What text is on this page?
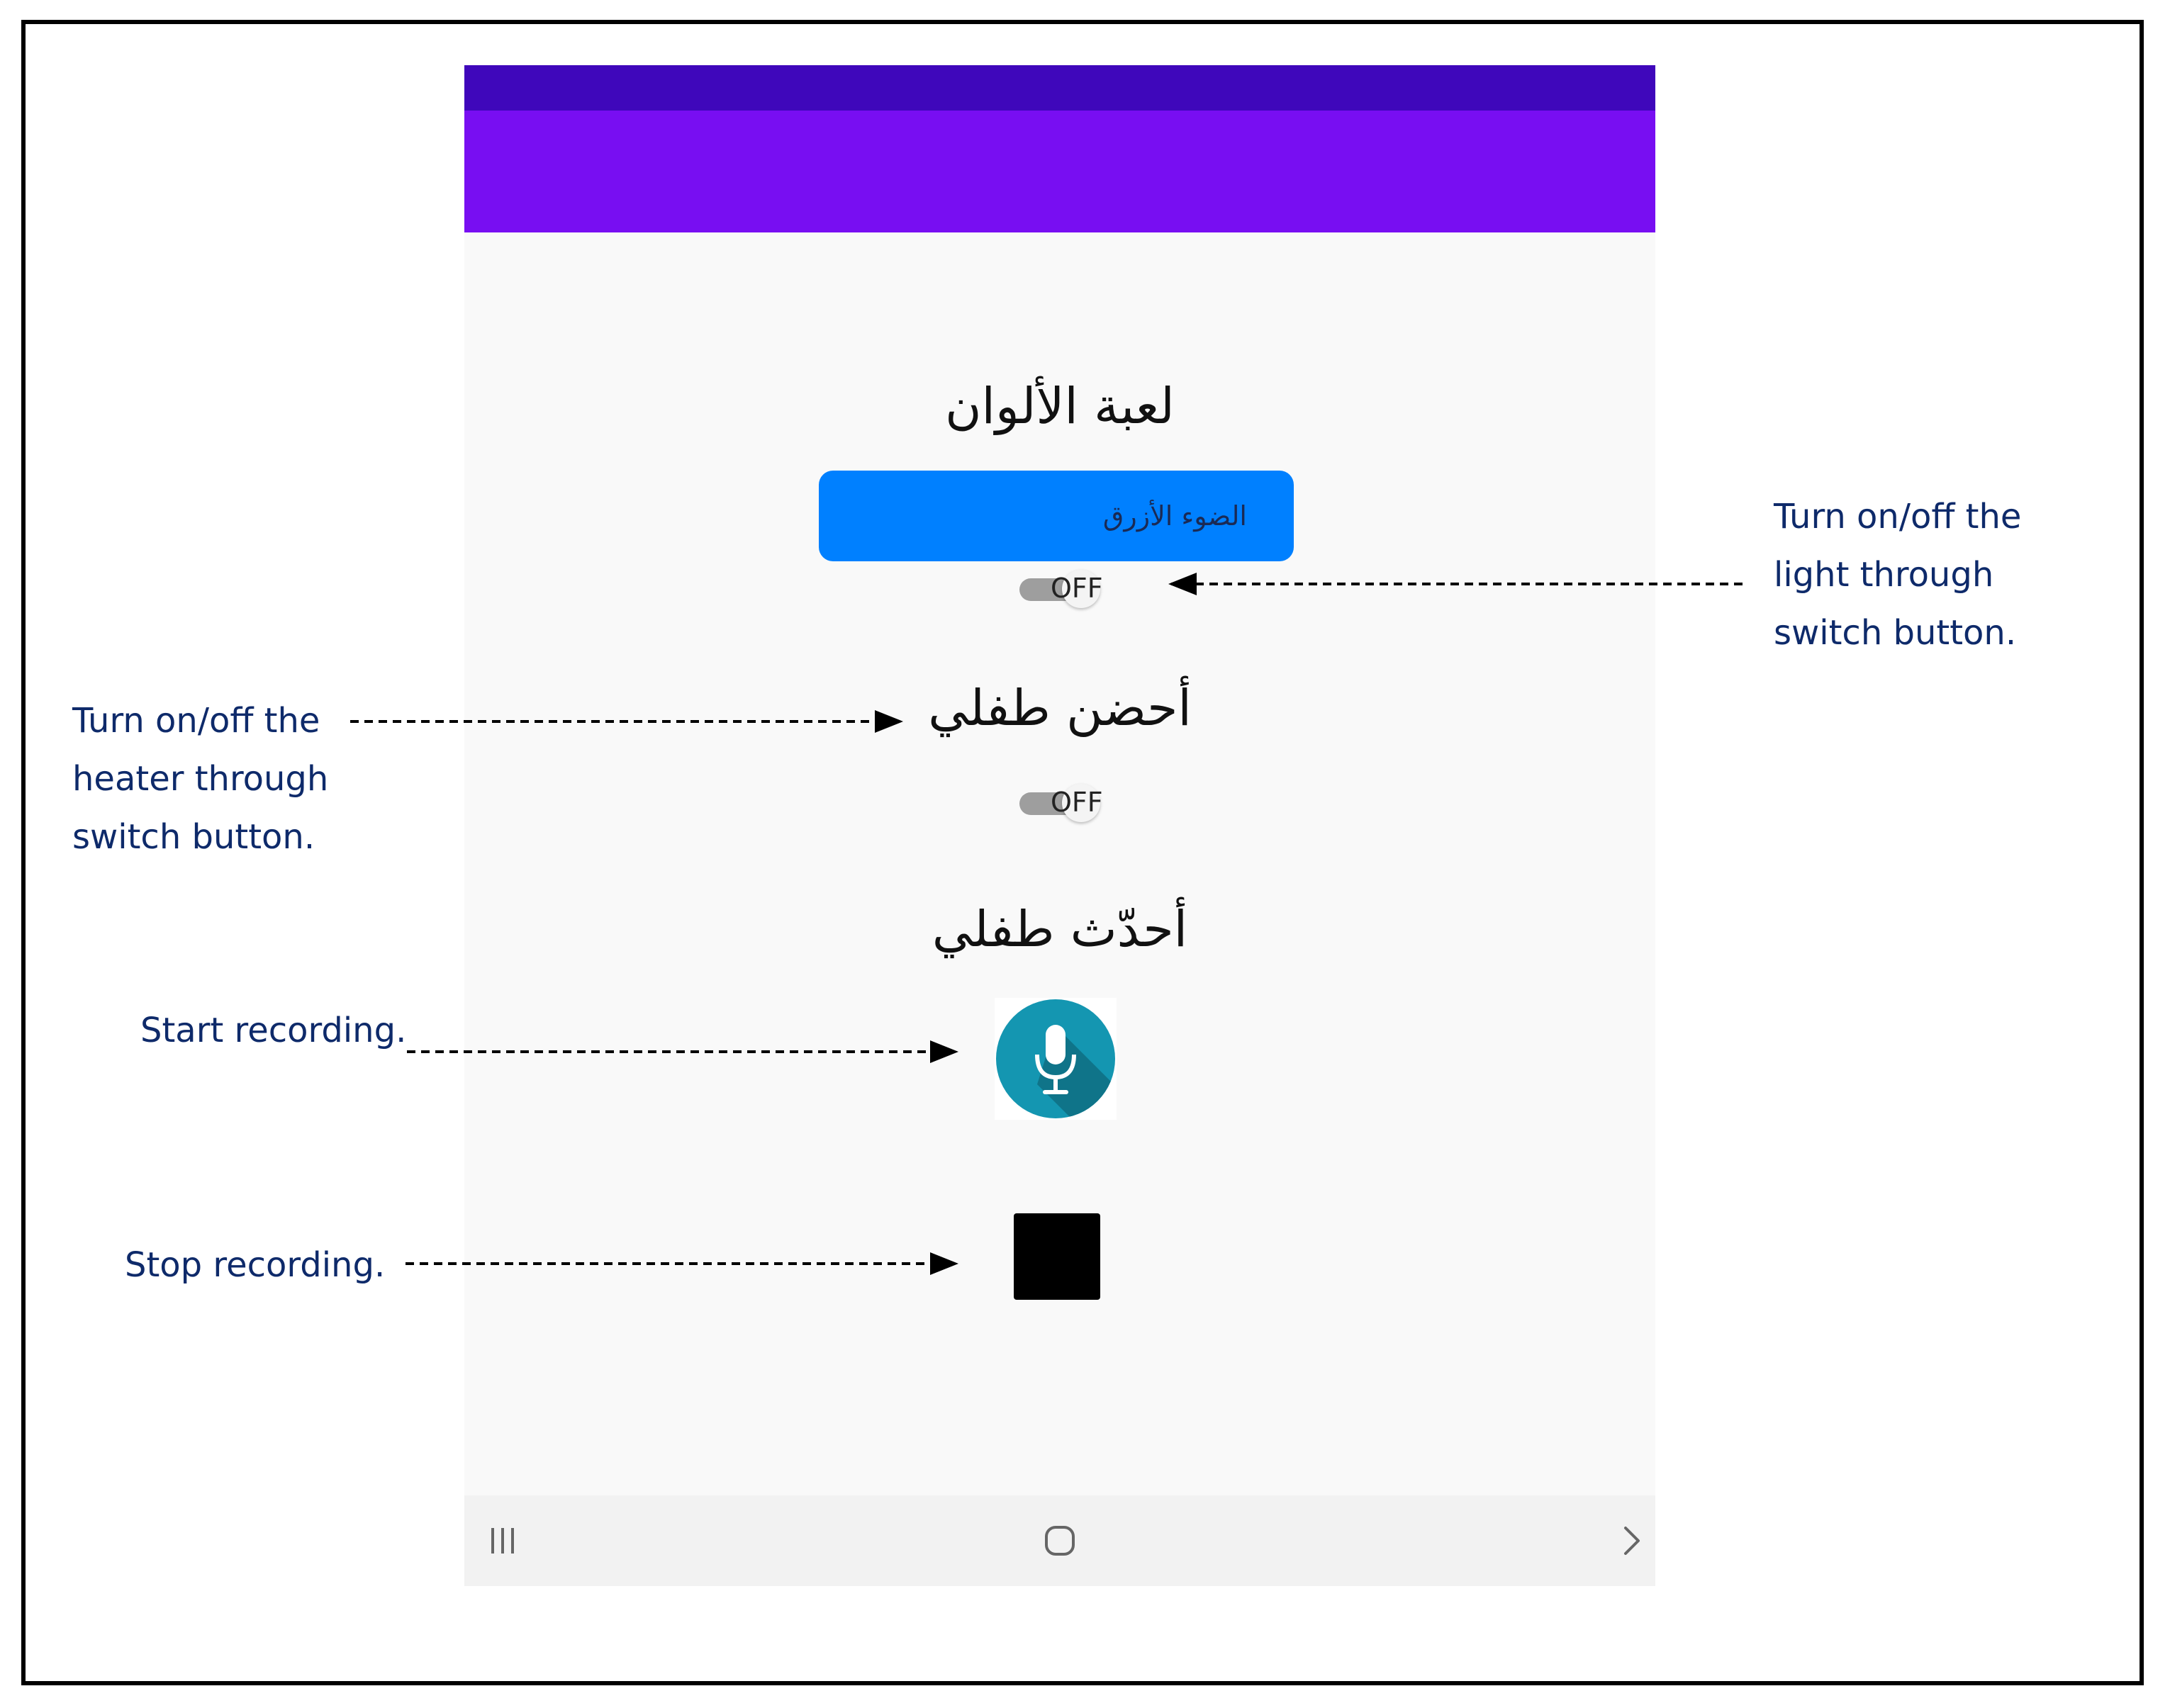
لعبة الألوان
الضوء الأزرق
OFF
أحضن طفلي
OFF
أحدّث طفلي
Turn on/off the
light through
switch button.
Turn on/off the
heater through
switch button.
Start recording.
Stop recording.
